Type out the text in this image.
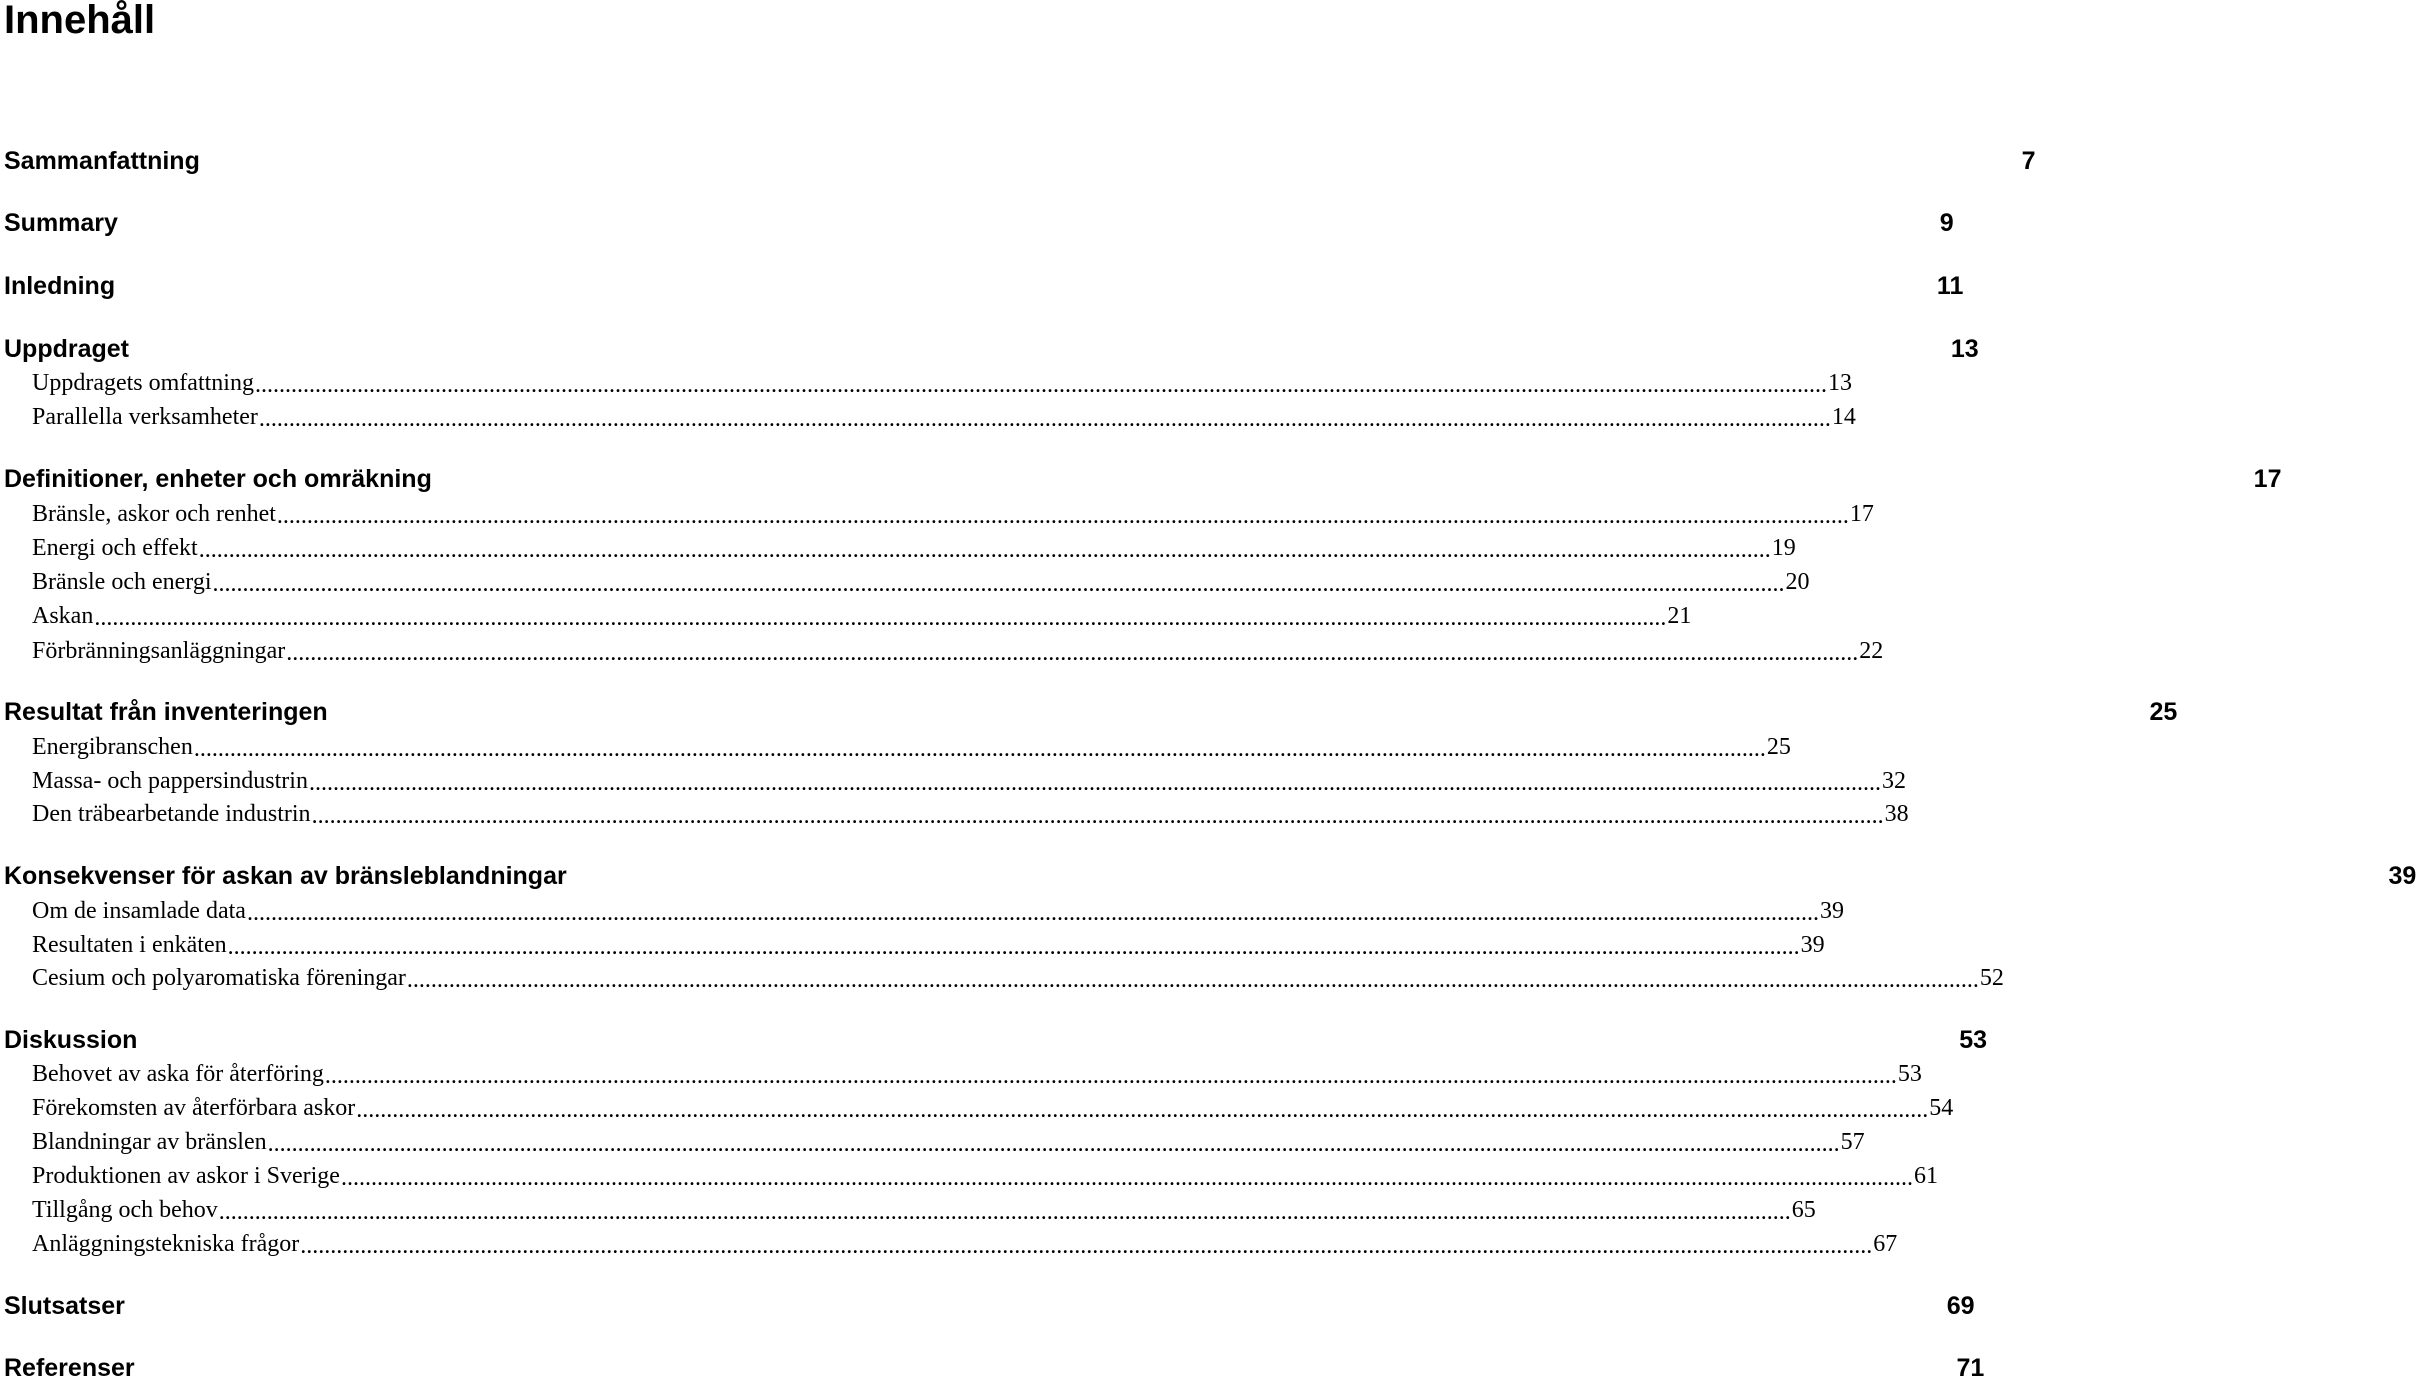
Innehåll
Sammanfattning	7
Summary	9
Inledning	11
Uppdraget	13
Uppdragets omfattning ...................................................................................................................................................................................................................................................................... 13
Parallella verksamheter ...................................................................................................................................................................................................................................................................... 14
Definitioner, enheter och omräkning	17
Bränsle, askor och renhet ...................................................................................................................................................................................................................................................................... 17
Energi och effekt ...................................................................................................................................................................................................................................................................... 19
Bränsle och energi ...................................................................................................................................................................................................................................................................... 20
Askan ...................................................................................................................................................................................................................................................................... 21
Förbränningsanläggningar ...................................................................................................................................................................................................................................................................... 22
Resultat från inventeringen	25
Energibranschen ...................................................................................................................................................................................................................................................................... 25
Massa- och pappersindustrin ...................................................................................................................................................................................................................................................................... 32
Den träbearbetande industrin ...................................................................................................................................................................................................................................................................... 38
Konsekvenser för askan av bränsleblandningar	39
Om de insamlade data ...................................................................................................................................................................................................................................................................... 39
Resultaten i enkäten ...................................................................................................................................................................................................................................................................... 39
Cesium och polyaromatiska föreningar ...................................................................................................................................................................................................................................................................... 52
Diskussion	53
Behovet av aska för återföring ...................................................................................................................................................................................................................................................................... 53
Förekomsten av återförbara askor ...................................................................................................................................................................................................................................................................... 54
Blandningar av bränslen ...................................................................................................................................................................................................................................................................... 57
Produktionen av askor i Sverige ...................................................................................................................................................................................................................................................................... 61
Tillgång och behov ...................................................................................................................................................................................................................................................................... 65
Anläggningstekniska frågor ...................................................................................................................................................................................................................................................................... 67
Slutsatser	69
Referenser	71
